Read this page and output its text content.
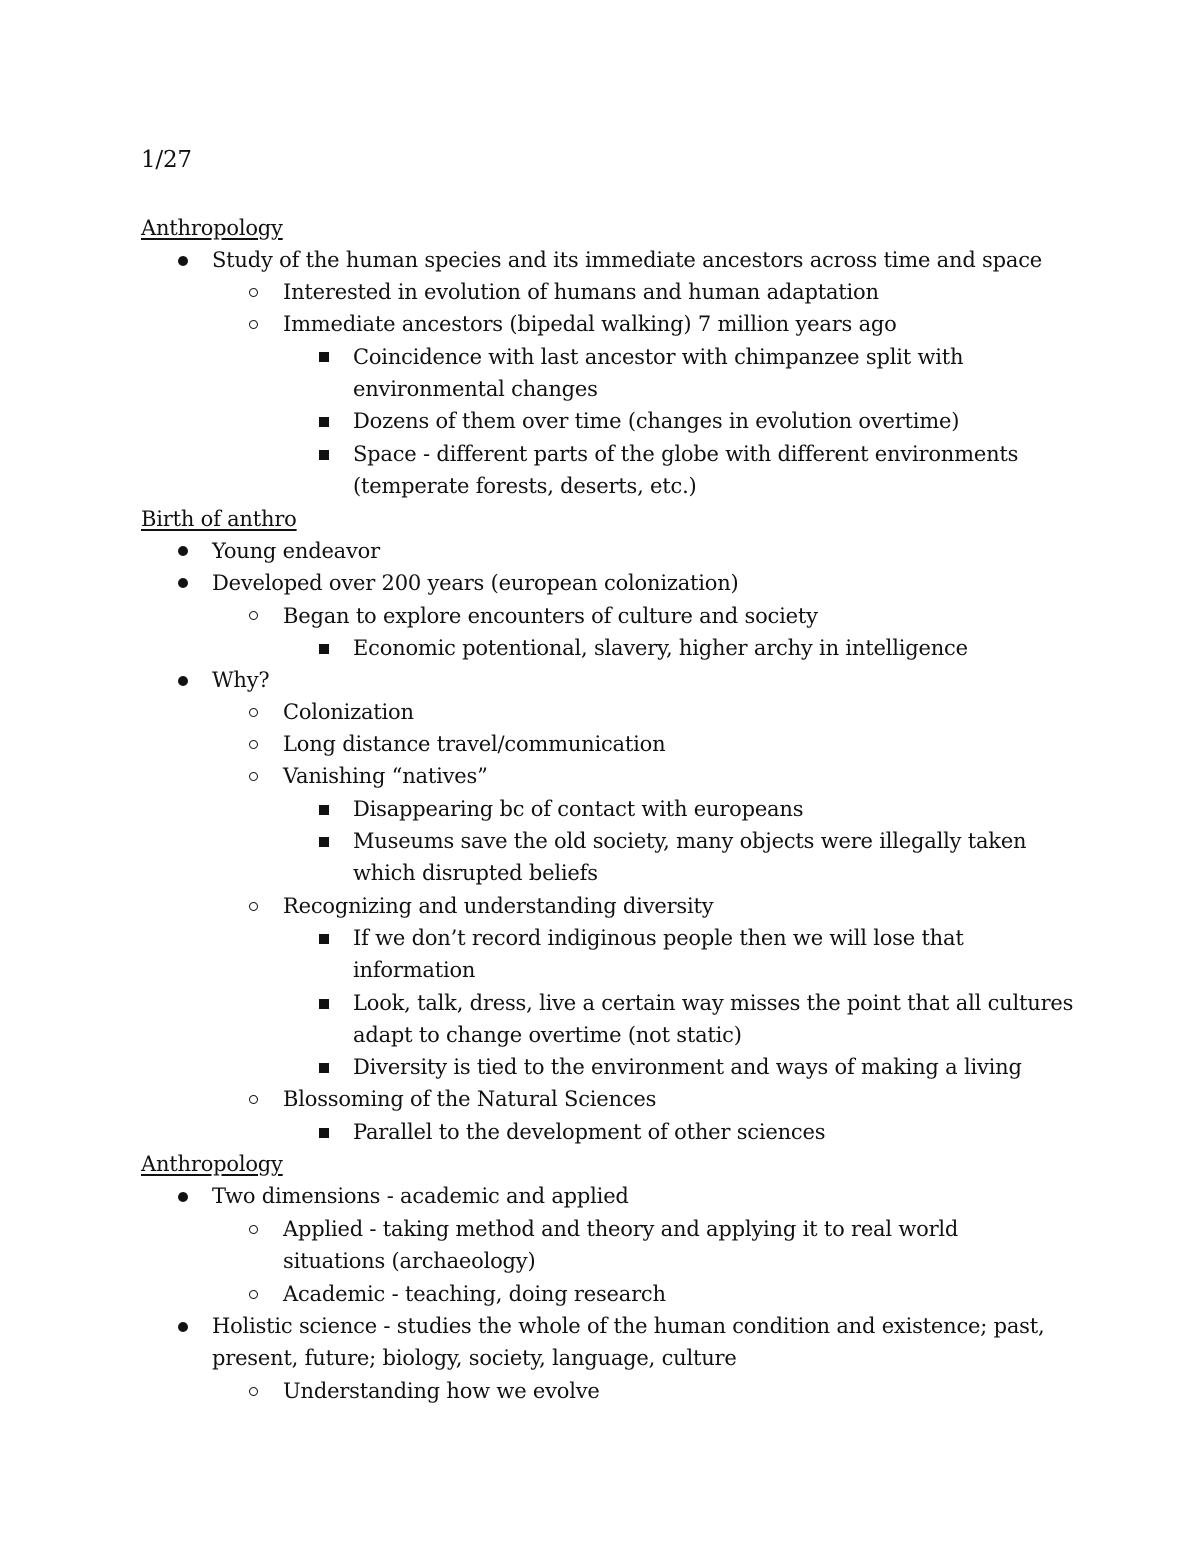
1/27
Anthropology
Study of the human species and its immediate ancestors across time and space
Interested in evolution of humans and human adaptation
Immediate ancestors (bipedal walking) 7 million years ago
Coincidence with last ancestor with chimpanzee split with
environmental changes
Dozens of them over time (changes in evolution overtime)
Space - different parts of the globe with different environments
(temperate forests, deserts, etc.)
Birth of anthro
Young endeavor
Developed over 200 years (european colonization)
Began to explore encounters of culture and society
Economic potentional, slavery, higher archy in intelligence
Why?
Colonization
Long distance travel/communication
Vanishing “natives”
Disappearing bc of contact with europeans
Museums save the old society, many objects were illegally taken
which disrupted beliefs
Recognizing and understanding diversity
If we don’t record indiginous people then we will lose that
information
Look, talk, dress, live a certain way misses the point that all cultures
adapt to change overtime (not static)
Diversity is tied to the environment and ways of making a living
Blossoming of the Natural Sciences
Parallel to the development of other sciences
Anthropology
Two dimensions - academic and applied
Applied - taking method and theory and applying it to real world
situations (archaeology)
Academic - teaching, doing research
Holistic science - studies the whole of the human condition and existence; past,
present, future; biology, society, language, culture
Understanding how we evolve
